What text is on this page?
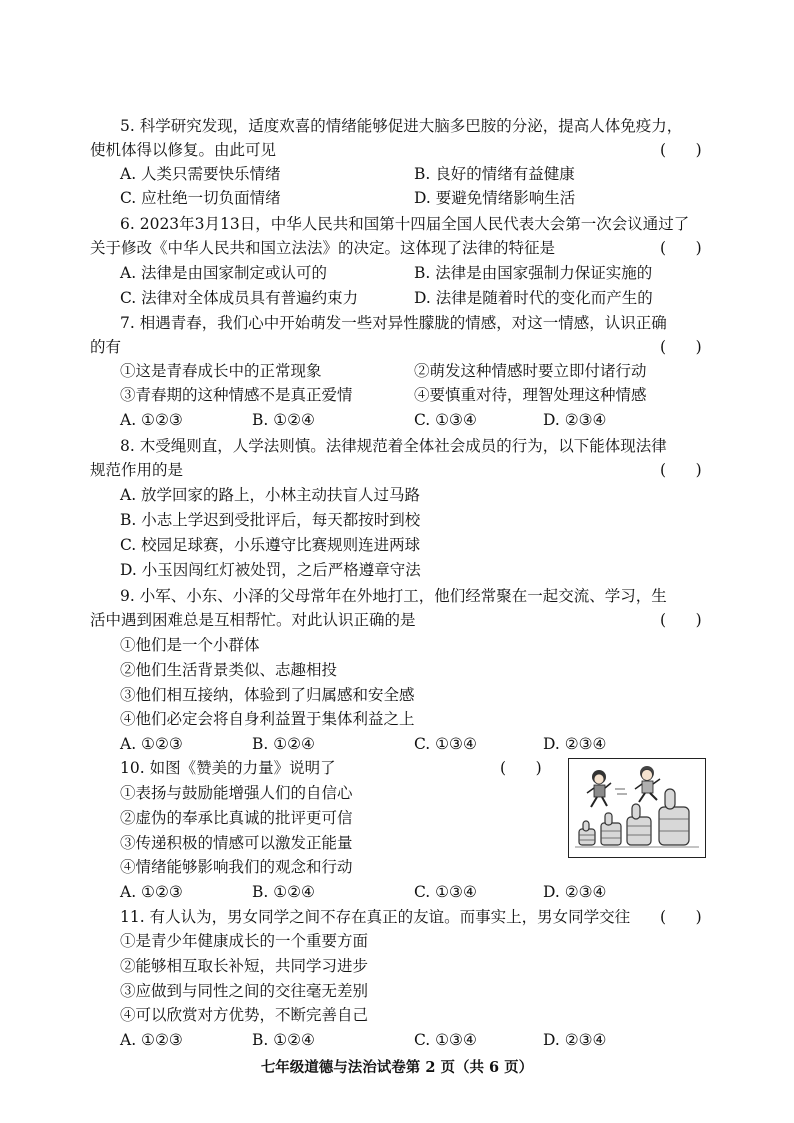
5. 科学研究发现，适度欢喜的情绪能够促进大脑多巴胺的分泌，提高人体免疫力，
使机体得以修复。由此可见	(      )
A. 人类只需要快乐情绪	B. 良好的情绪有益健康
C. 应杜绝一切负面情绪	D. 要避免情绪影响生活
6. 2023年3月13日，中华人民共和国第十四届全国人民代表大会第一次会议通过了
关于修改《中华人民共和国立法法》的决定。这体现了法律的特征是	(      )
A. 法律是由国家制定或认可的	B. 法律是由国家强制力保证实施的
C. 法律对全体成员具有普遍约束力	D. 法律是随着时代的变化而产生的
7. 相遇青春，我们心中开始萌发一些对异性朦胧的情感，对这一情感，认识正确
的有	(      )
①这是青春成长中的正常现象	②萌发这种情感时要立即付诸行动
③青春期的这种情感不是真正爱情	④要慎重对待，理智处理这种情感
A. ①②③	B. ①②④	C. ①③④	D. ②③④
8. 木受绳则直，人学法则慎。法律规范着全体社会成员的行为，以下能体现法律
规范作用的是	(      )
A. 放学回家的路上，小林主动扶盲人过马路
B. 小志上学迟到受批评后，每天都按时到校
C. 校园足球赛，小乐遵守比赛规则连进两球
D. 小玉因闯红灯被处罚，之后严格遵章守法
9. 小军、小东、小泽的父母常年在外地打工，他们经常聚在一起交流、学习，生
活中遇到困难总是互相帮忙。对此认识正确的是	(      )
①他们是一个小群体
②他们生活背景类似、志趣相投
③他们相互接纳，体验到了归属感和安全感
④他们必定会将自身利益置于集体利益之上
A. ①②③	B. ①②④	C. ①③④	D. ②③④
10. 如图《赞美的力量》说明了	(      )
①表扬与鼓励能增强人们的自信心
②虚伪的奉承比真诚的批评更可信
③传递积极的情感可以激发正能量
④情绪能够影响我们的观念和行动
A. ①②③	B. ①②④	C. ①③④	D. ②③④
11. 有人认为，男女同学之间不存在真正的友谊。而事实上，男女同学交往 (      )
①是青少年健康成长的一个重要方面
②能够相互取长补短，共同学习进步
③应做到与同性之间的交往毫无差别
④可以欣赏对方优势，不断完善自己
A. ①②③	B. ①②④	C. ①③④	D. ②③④
七年级道德与法治试卷第 2 页（共 6 页）
